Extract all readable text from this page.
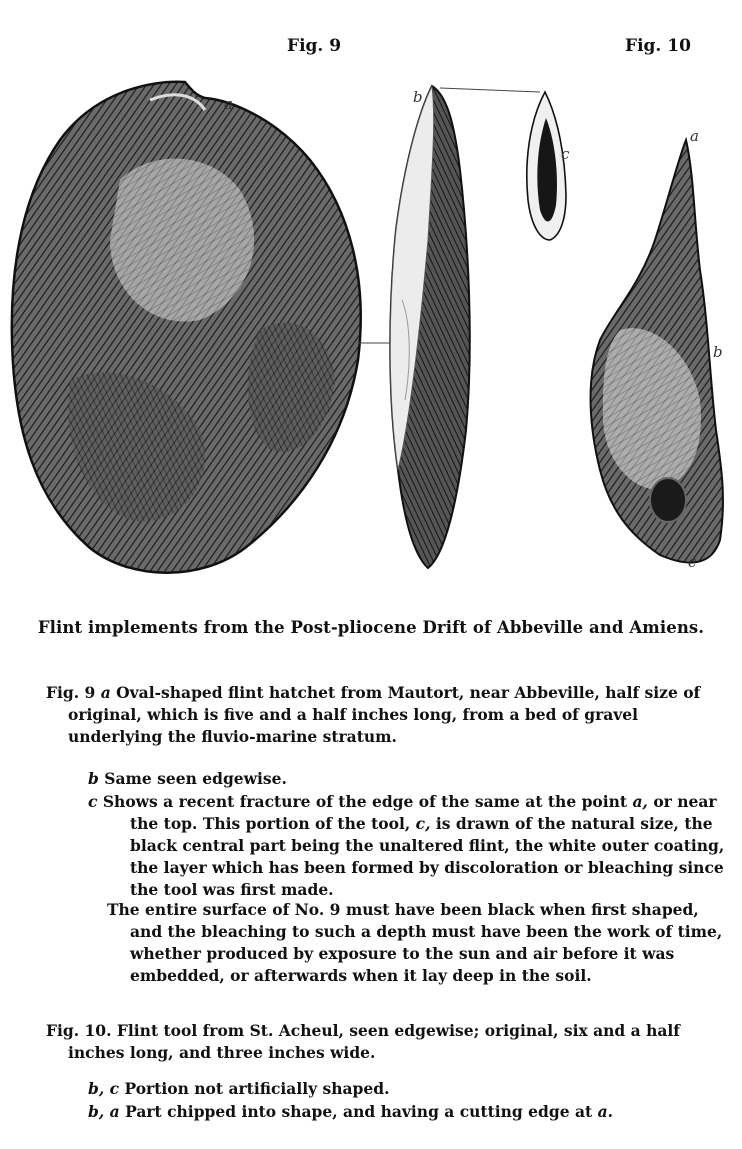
Fig. 9	Fig. 10
a	b
c
a
b
c
Flint implements from the Post-pliocene Drift of Abbeville and Amiens.
Fig. 9 a Oval-shaped flint hatchet from Mautort, near Abbeville, half size of original, which is five and a half inches long, from a bed of gravel underlying the fluvio-marine stratum.
b Same seen edgewise.
c Shows a recent fracture of the edge of the same at the point a, or near the top. This portion of the tool, c, is drawn of the natural size, the black central part being the unaltered flint, the white outer coating, the layer which has been formed by discoloration or bleaching since the tool was first made.
The entire surface of No. 9 must have been black when first shaped, and the bleaching to such a depth must have been the work of time, whether produced by exposure to the sun and air before it was embedded, or afterwards when it lay deep in the soil.
Fig. 10. Flint tool from St. Acheul, seen edgewise; original, six and a half inches long, and three inches wide.
b, c Portion not artificially shaped.
b, a Part chipped into shape, and having a cutting edge at a.
